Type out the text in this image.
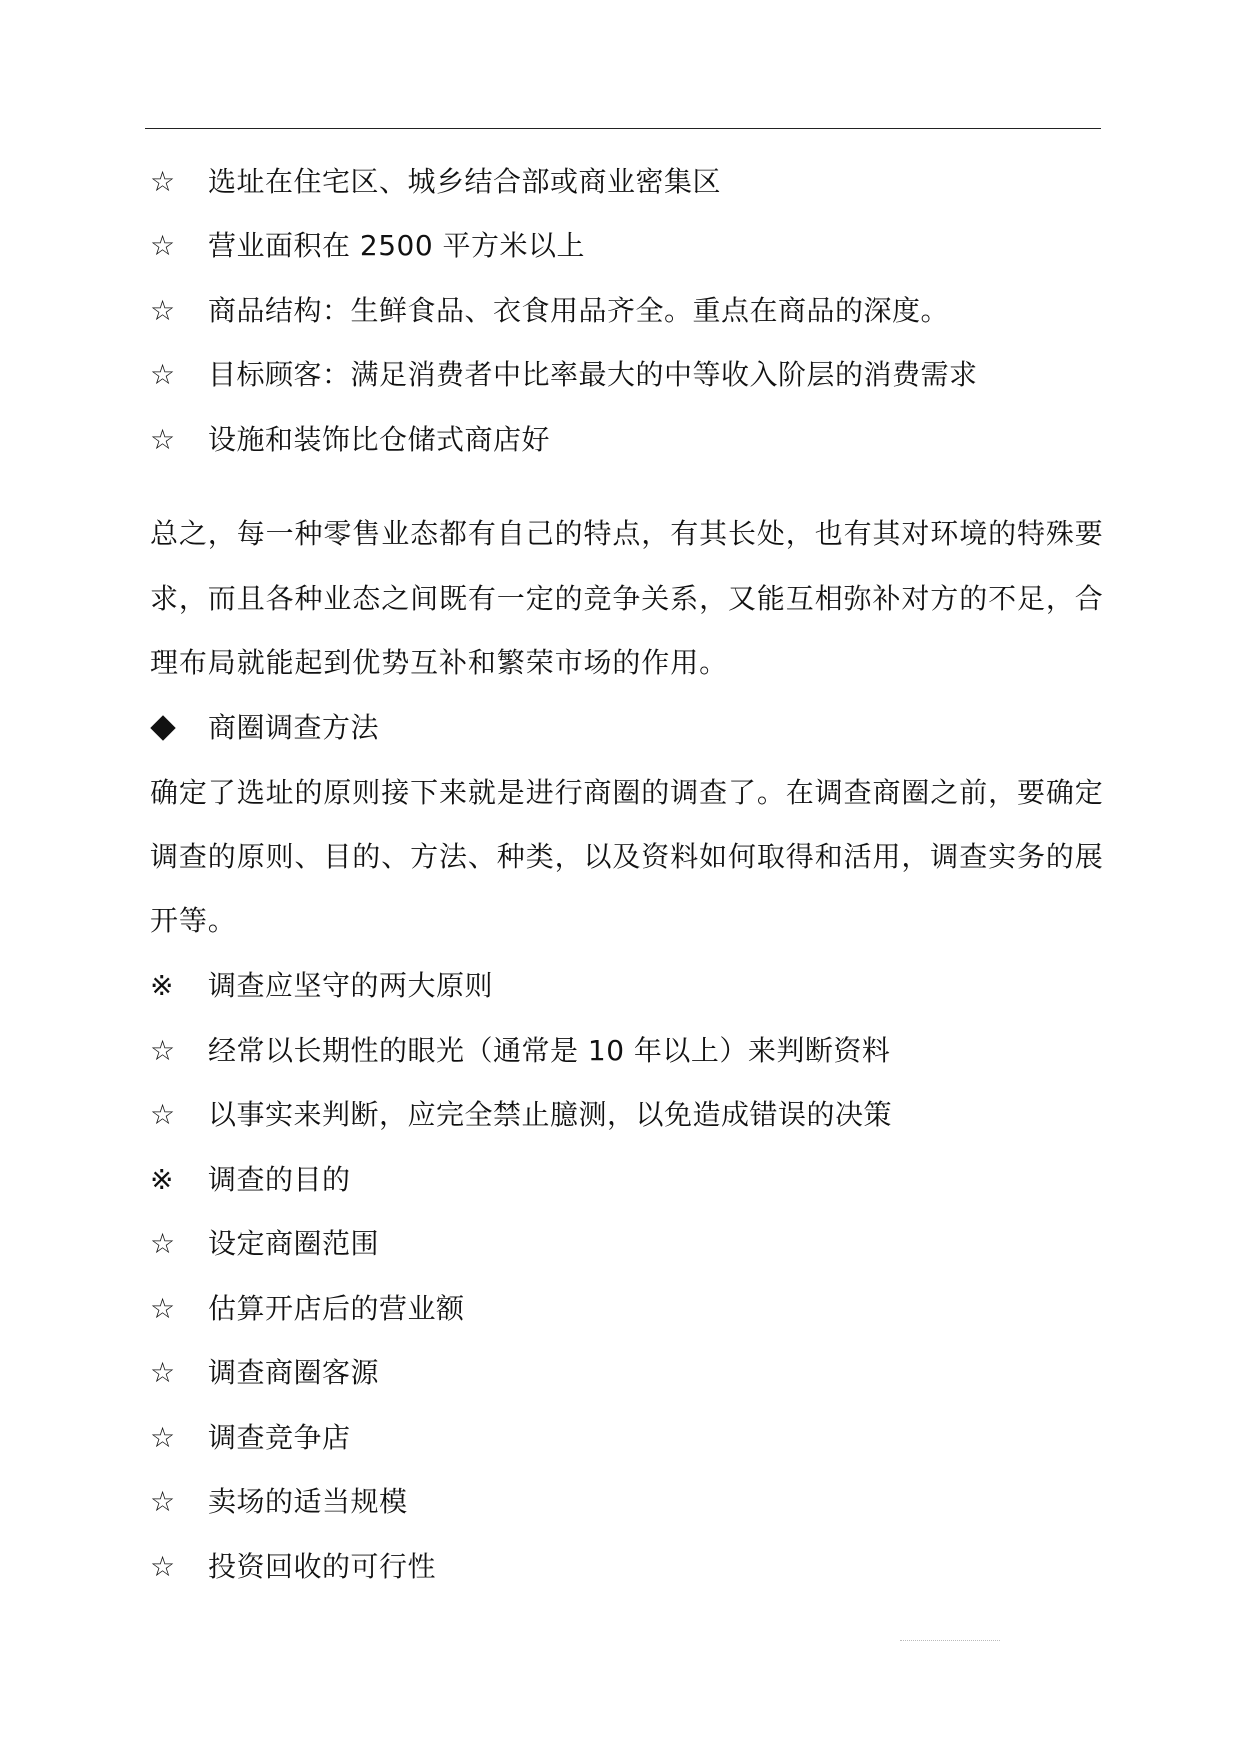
☆	选址在住宅区、城乡结合部或商业密集区
☆	营业面积在 2500 平方米以上
☆	商品结构：生鲜食品、衣食用品齐全。重点在商品的深度。
☆	目标顾客：满足消费者中比率最大的中等收入阶层的消费需求
☆	设施和装饰比仓储式商店好
总之，每一种零售业态都有自己的特点，有其长处，也有其对环境的特殊要
求，而且各种业态之间既有一定的竞争关系，又能互相弥补对方的不足，合
理布局就能起到优势互补和繁荣市场的作用。
商圈调查方法
确定了选址的原则接下来就是进行商圈的调查了。在调查商圈之前，要确定
调查的原则、目的、方法、种类，以及资料如何取得和活用，调查实务的展
开等。
※	调查应坚守的两大原则
☆	经常以长期性的眼光（通常是 10 年以上）来判断资料
☆	以事实来判断，应完全禁止臆测，以免造成错误的决策
※	调查的目的
☆	设定商圈范围
☆	估算开店后的营业额
☆	调查商圈客源
☆	调查竞争店
☆	卖场的适当规模
☆	投资回收的可行性
